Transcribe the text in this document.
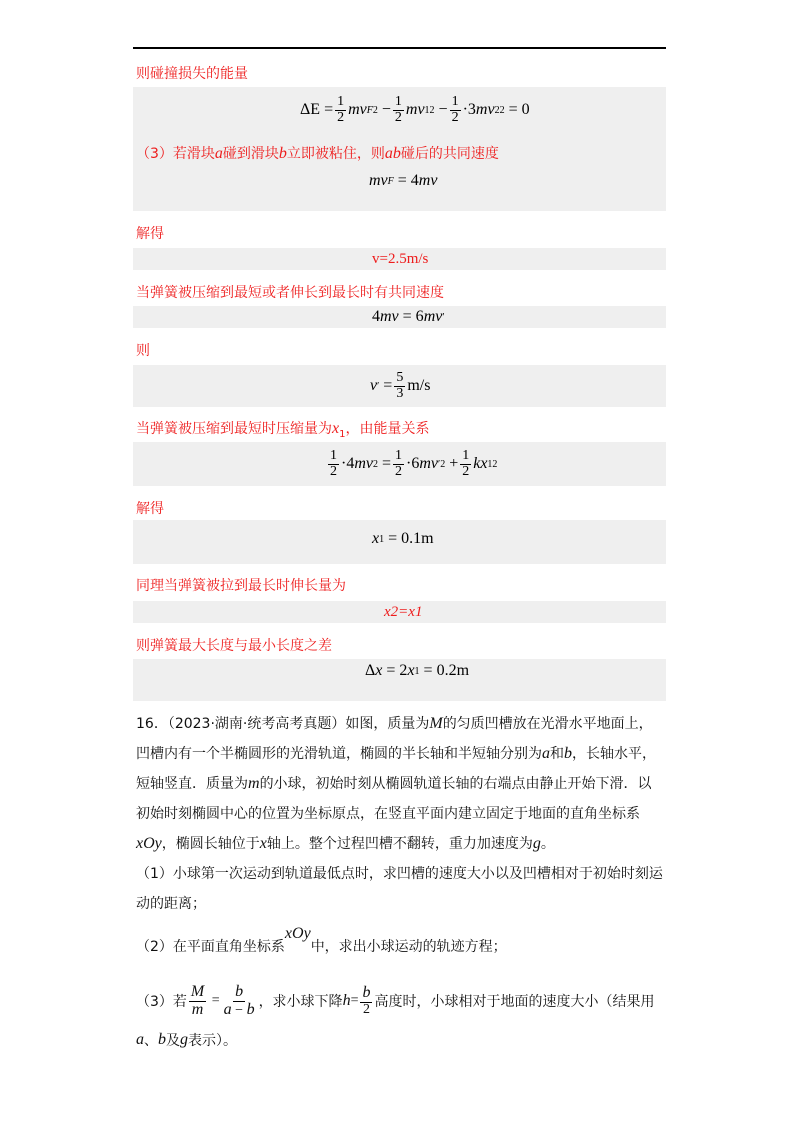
则碰撞损失的能量
$\Delta E = \frac{1}{2}$ mv F $2 - \frac{1}{2}$ mv 1 $2 - \frac{1}{2} \cdot 3$ mv 2 2 = 0
（3）若滑块a碰到滑块b立即被粘住，则ab碰后的共同速度
mv F = 4 mv
解得
v=2.5m/s
当弹簧被压缩到最短或者伸长到最长时有共同速度
4 mv = 6 mv ′
则
v ′ = $\frac{5}{3} m/s$
当弹簧被压缩到最短时压缩量为$x_1$，由能量关系
$\frac{1}{2} \cdot 4$ mv $2 = \frac{1}{2} \cdot 6$ mv $'2 + \frac{1}{2}$ kx 1 2
解得
x 1 = 0.1m
同理当弹簧被拉到最长时伸长量为
x2=x1
则弹簧最大长度与最小长度之差
Δ x = 2 x 1 = 0.2m
16．（2023·湖南·统考高考真题）如图，质量为M的匀质凹槽放在光滑水平地面上，
凹槽内有一个半椭圆形的光滑轨道，椭圆的半长轴和半短轴分别为a和b，长轴水平，
短轴竖直．质量为m的小球，初始时刻从椭圆轨道长轴的右端点由静止开始下滑．以
初始时刻椭圆中心的位置为坐标原点，在竖直平面内建立固定于地面的直角坐标系
xOy，椭圆长轴位于x轴上。整个过程凹槽不翻转，重力加速度为g。
（1）小球第一次运动到轨道最低点时，求凹槽的速度大小以及凹槽相对于初始时刻运
动的距离；
（2）在平面直角坐标系
xOy
中，求出小球运动的轨迹方程；
（3）若 $\frac{M}{m} = \frac{b}{a - b}$ ，求小球下降 $h = \frac{b}{2}$ 高度时，小球相对于地面的速度大小（结果用
a 、 b 及 g 表示）。
